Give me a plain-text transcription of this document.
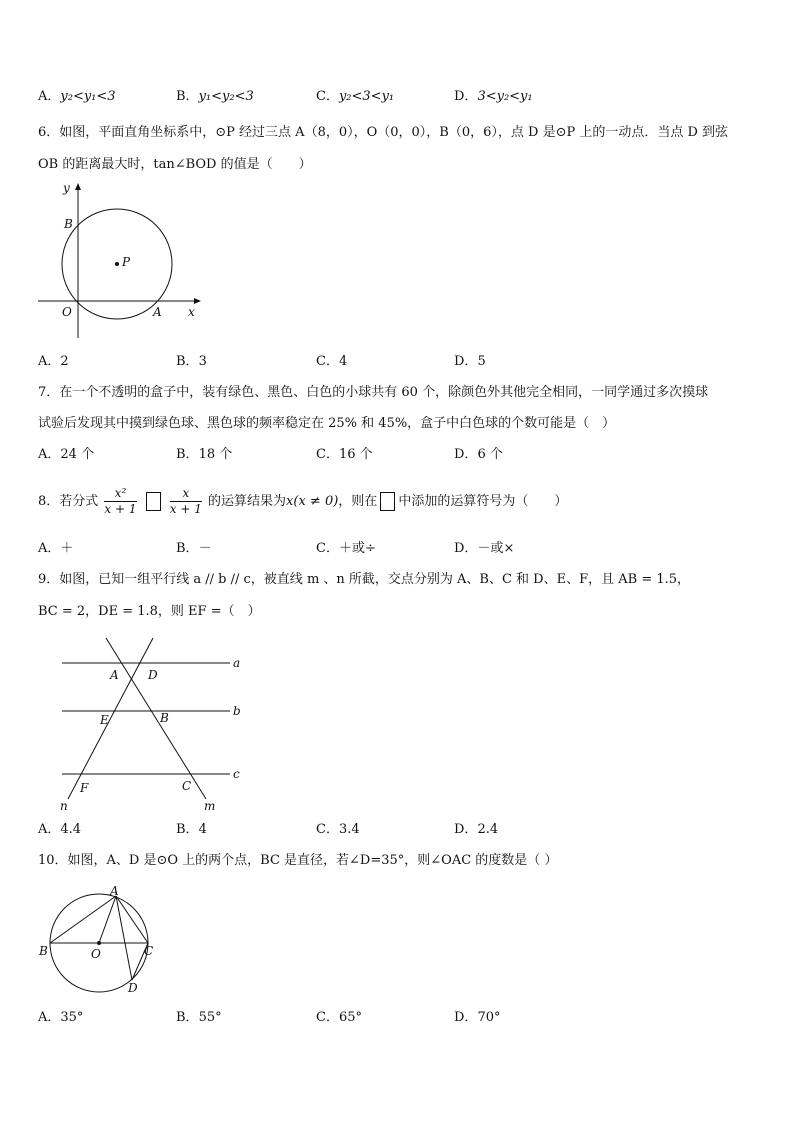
A．y₂<y₁<3	B．y₁<y₂<3	C．y₂<3<y₁	D．3<y₂<y₁
6．如图，平面直角坐标系中，⊙P 经过三点 A（8，0），O（0，0），B（0，6），点 D 是⊙P 上的一动点．当点 D 到弦
OB 的距离最大时，tan∠BOD 的值是（　　）
y
x
B
P
O	A
A．2	B．3	C．4	D．5
7．在一个不透明的盒子中，装有绿色、黑色、白色的小球共有 60 个，除颜色外其他完全相同，一同学通过多次摸球
试验后发现其中摸到绿色球、黑色球的频率稳定在 25% 和 45%，盒子中白色球的个数可能是（　）
A．24 个	B．18 个	C．16 个	D．6 个
8．若分式 $\frac{\text{x²}}{x + 1}$
	$\frac{x}{x + 1}$ 的运算结果为x(x ≠ 0)，则在 中添加的运算符号为（　　）
A．＋	B．－	C．＋或÷	D．－或×
9．如图，已知一组平行线 a // b // c，被直线 m 、n 所截，交点分别为 A、B、C 和 D、E、F，且 AB = 1.5，
BC = 2，DE = 1.8，则 EF =（　）
a
b
c
A D
E	B
F	C
n	m
A．4.4	B．4	C．3.4	D．2.4
10．如图，A、D 是⊙O 上的两个点，BC 是直径，若∠D=35°，则∠OAC 的度数是（ ）
A
B	O	C
D
A．35°	B．55°	C．65°	D．70°
